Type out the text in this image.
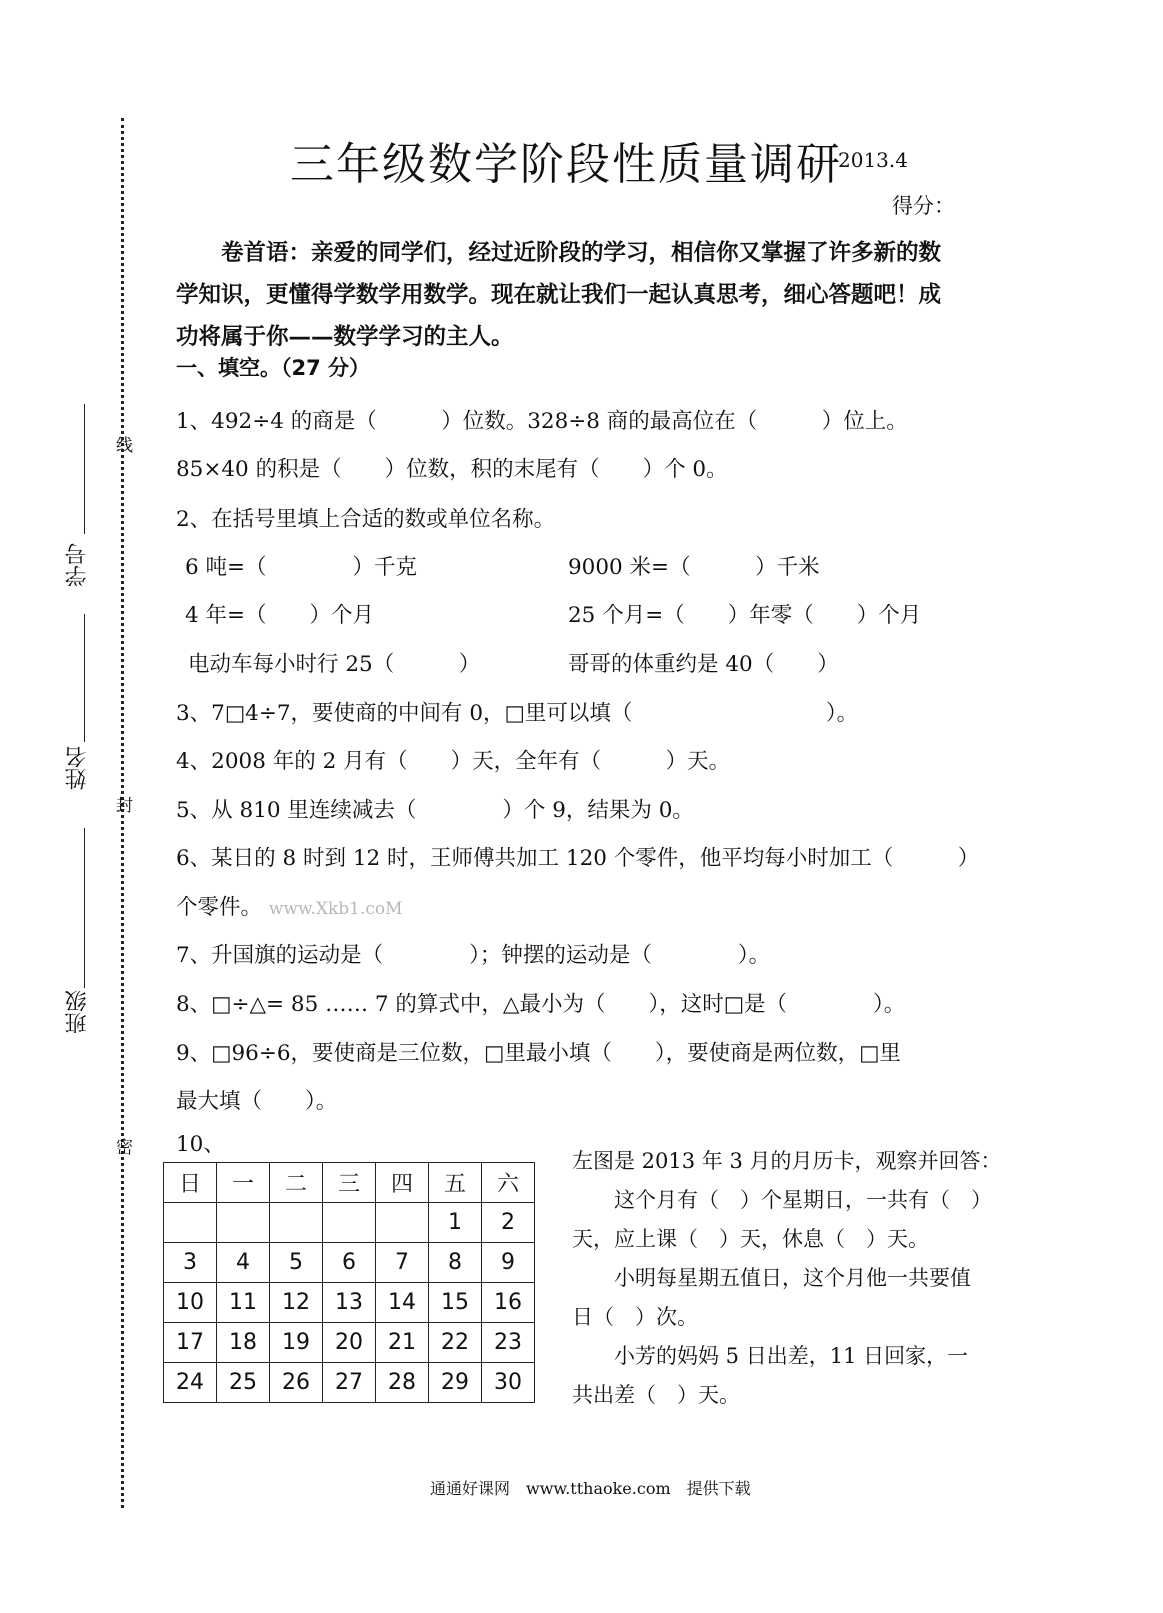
学号
姓名
班级
线
封
密
三年级数学阶段性质量调研
2013.4
得分：

　　卷首语：亲爱的同学们，经过近阶段的学习，相信你又掌握了许多新的数

学知识，更懂得学数学用数学。现在就让我们一起认真思考，细心答题吧！成

功将属于你——数学学习的主人。

一、填空。（27 分）
1、492÷4 的商是（　　　）位数。328÷8 商的最高位在（　　　）位上。
85×40 的积是（　　）位数，积的末尾有（　　）个 0。
2、在括号里填上合适的数或单位名称。
6 吨=（　　　　）千克	9000 米=（　　　）千米
4 年=（　　）个月	25 个月=（　　）年零（　　）个月
电动车每小时行 25（　　　）	哥哥的体重约是 40（　　）
3、7□4÷7，要使商的中间有 0，□里可以填（　　　　　　　　　）。
4、2008 年的 2 月有（　　）天，全年有（　　　）天。
5、从 810 里连续减去（　　　　）个 9，结果为 0。
6、某日的 8 时到 12 时，王师傅共加工 120 个零件，他平均每小时加工（　　　）
个零件。 www.Xkb1.coM
7、升国旗的运动是（　　　　）；钟摆的运动是（　　　　）。
8、□÷△= 85 …… 7 的算式中，△最小为（　　），这时□是（　　　　）。
9、□96÷6，要使商是三位数，□里最小填（　　），要使商是两位数，□里
最大填（　　）。
10、
日	一	二	三	四	五	六
					1	2
3	4	5	6	7	8	9
10	11	12	13	14	15	16
17	18	19	20	21	22	23
24	25	26	27	28	29	30

左图是 2013 年 3 月的月历卡，观察并回答：

　　这个月有（　）个星期日，一共有（　）

天，应上课（　）天，休息（　）天。

　　小明每星期五值日，这个月他一共要值

日（　）次。

　　小芳的妈妈 5 日出差，11 日回家，一

共出差（　）天。

通通好课网　www.tthaoke.com　提供下载
